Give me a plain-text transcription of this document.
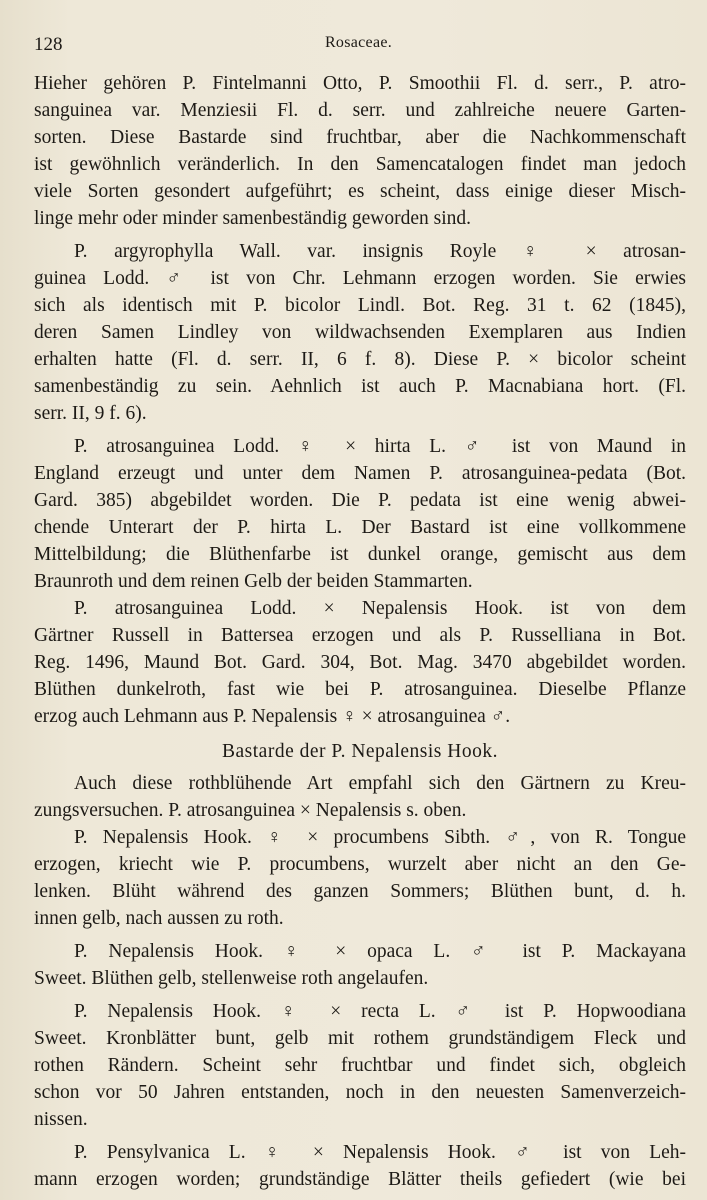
128	Rosaceae.
Hieher gehören P. Fintelmanni Otto, P. Smoothii Fl. d. serr., P. atro-
sanguinea var. Menziesii Fl. d. serr. und zahlreiche neuere Garten-
sorten. Diese Bastarde sind fruchtbar, aber die Nachkommenschaft
ist gewöhnlich veränderlich. In den Samencatalogen findet man jedoch
viele Sorten gesondert aufgeführt; es scheint, dass einige dieser Misch-
linge mehr oder minder samenbeständig geworden sind.
P. argyrophylla Wall. var. insignis Royle ♀ × atrosan-
guinea Lodd. ♂ ist von Chr. Lehmann erzogen worden. Sie erwies
sich als identisch mit P. bicolor Lindl. Bot. Reg. 31 t. 62 (1845),
deren Samen Lindley von wildwachsenden Exemplaren aus Indien
erhalten hatte (Fl. d. serr. II, 6 f. 8). Diese P. × bicolor scheint
samenbeständig zu sein. Aehnlich ist auch P. Macnabiana hort. (Fl.
serr. II, 9 f. 6).
P. atrosanguinea Lodd. ♀ × hirta L. ♂ ist von Maund in
England erzeugt und unter dem Namen P. atrosanguinea-pedata (Bot.
Gard. 385) abgebildet worden. Die P. pedata ist eine wenig abwei-
chende Unterart der P. hirta L. Der Bastard ist eine vollkommene
Mittelbildung; die Blüthenfarbe ist dunkel orange, gemischt aus dem
Braunroth und dem reinen Gelb der beiden Stammarten.
P. atrosanguinea Lodd. × Nepalensis Hook. ist von dem
Gärtner Russell in Battersea erzogen und als P. Russelliana in Bot.
Reg. 1496, Maund Bot. Gard. 304, Bot. Mag. 3470 abgebildet worden.
Blüthen dunkelroth, fast wie bei P. atrosanguinea. Dieselbe Pflanze
erzog auch Lehmann aus P. Nepalensis ♀ × atrosanguinea ♂.
Bastarde der P. Nepalensis Hook.
Auch diese rothblühende Art empfahl sich den Gärtnern zu Kreu-
zungsversuchen. P. atrosanguinea × Nepalensis s. oben.
P. Nepalensis Hook. ♀ × procumbens Sibth. ♂, von R. Tongue
erzogen, kriecht wie P. procumbens, wurzelt aber nicht an den Ge-
lenken. Blüht während des ganzen Sommers; Blüthen bunt, d. h.
innen gelb, nach aussen zu roth.
P. Nepalensis Hook. ♀ × opaca L. ♂ ist P. Mackayana
Sweet. Blüthen gelb, stellenweise roth angelaufen.
P. Nepalensis Hook. ♀ × recta L. ♂ ist P. Hopwoodiana
Sweet. Kronblätter bunt, gelb mit rothem grundständigem Fleck und
rothen Rändern. Scheint sehr fruchtbar und findet sich, obgleich
schon vor 50 Jahren entstanden, noch in den neuesten Samenverzeich-
nissen.
P. Pensylvanica L. ♀ × Nepalensis Hook. ♂ ist von Leh-
mann erzogen worden; grundständige Blätter theils gefiedert (wie bei
